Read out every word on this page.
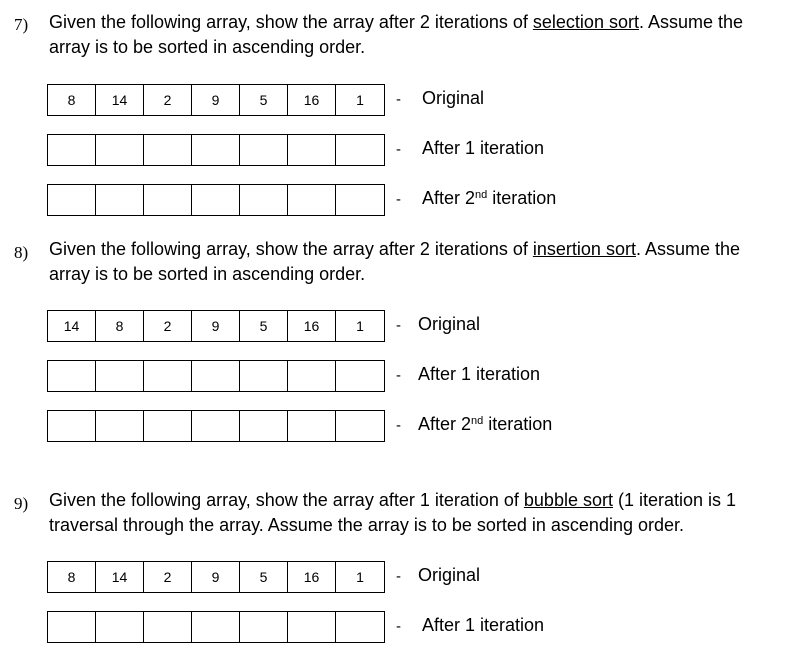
7) Given the following array, show the array after 2 iterations of selection sort. Assume the
array is to be sorted in ascending order.
8	14	2	9	5	16	1	- Original
- After 1 iteration
- After 2nd iteration
8) Given the following array, show the array after 2 iterations of insertion sort. Assume the
array is to be sorted in ascending order.
14	8	2	9	5	16	1	- Original
- After 1 iteration
- After 2nd iteration
9) Given the following array, show the array after 1 iteration of bubble sort (1 iteration is 1
traversal through the array. Assume the array is to be sorted in ascending order.
8	14	2	9	5	16	1	- Original
- After 1 iteration
